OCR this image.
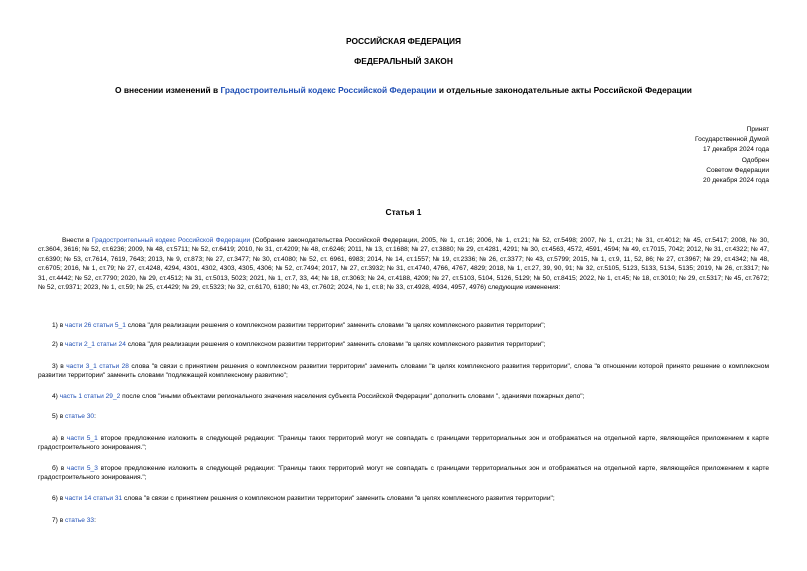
РОССИЙСКАЯ ФЕДЕРАЦИЯ
ФЕДЕРАЛЬНЫЙ ЗАКОН
О внесении изменений в Градостроительный кодекс Российской Федерации и отдельные законодательные акты Российской Федерации
Принят
Государственной Думой
17 декабря 2024 года
Одобрен
Советом Федерации
20 декабря 2024 года
Статья 1
Внести в Градостроительный кодекс Российской Федерации (Собрание законодательства Российской Федерации, 2005, № 1, ст.16; 2006, № 1, ст.21; № 52, ст.5498; 2007, № 1, ст.21; № 31, ст.4012; № 45, ст.5417; 2008, № 30, ст.3604, 3616; № 52, ст.6236; 2009, № 48, ст.5711; № 52, ст.6419; 2010, № 31, ст.4209; № 48, ст.6246; 2011, № 13, ст.1688; № 27, ст.3880; № 29, ст.4281, 4291; № 30, ст.4563, 4572, 4591, 4594; № 49, ст.7015, 7042; 2012, № 31, ст.4322; № 47, ст.6390; № 53, ст.7614, 7619, 7643; 2013, № 9, ст.873; № 27, ст.3477; № 30, ст.4080; № 52, ст. 6961, 6983; 2014, № 14, ст.1557; № 19, ст.2336; № 26, ст.3377; № 43, ст.5799; 2015, № 1, ст.9, 11, 52, 86; № 27, ст.3967; № 29, ст.4342; № 48, ст.6705; 2016, № 1, ст.79; № 27, ст.4248, 4294, 4301, 4302, 4303, 4305, 4306; № 52, ст.7494; 2017, № 27, ст.3932; № 31, ст.4740, 4766, 4767, 4829; 2018, № 1, ст.27, 39, 90, 91; № 32, ст.5105, 5123, 5133, 5134, 5135; 2019, № 26, ст.3317; № 31, ст.4442; № 52, ст.7790; 2020, № 29, ст.4512; № 31, ст.5013, 5023; 2021, № 1, ст.7, 33, 44; № 18, ст.3063; № 24, ст.4188, 4209; № 27, ст.5103, 5104, 5126, 5129; № 50, ст.8415; 2022, № 1, ст.45; № 18, ст.3010; № 29, ст.5317; № 45, ст.7672; № 52, ст.9371; 2023, № 1, ст.59; № 25, ст.4429; № 29, ст.5323; № 32, ст.6170, 6180; № 43, ст.7602; 2024, № 1, ст.8; № 33, ст.4928, 4934, 4957, 4976) следующие изменения:
1) в части 26 статьи 5_1 слова "для реализации решения о комплексном развитии территории" заменить словами "в целях комплексного развития территории";
2) в части 2_1 статьи 24 слова "для реализации решения о комплексном развитии территории" заменить словами "в целях комплексного развития территории";
3) в части 3_1 статьи 28 слова "в связи с принятием решения о комплексном развитии территории" заменить словами "в целях комплексного развития территории", слова "в отношении которой принято решение о комплексном развитии территории" заменить словами "подлежащей комплексному развитию";
4) часть 1 статьи 29_2 после слов "иными объектами регионального значения населения субъекта Российской Федерации" дополнить словами ", зданиями пожарных депо";
5) в статье 30:
а) в части 5_1 второе предложение изложить в следующей редакции: "Границы таких территорий могут не совпадать с границами территориальных зон и отображаться на отдельной карте, являющейся приложением к карте градостроительного зонирования.";
б) в части 5_3 второе предложение изложить в следующей редакции: "Границы таких территорий могут не совпадать с границами территориальных зон и отображаться на отдельной карте, являющейся приложением к карте градостроительного зонирования.";
6) в части 14 статьи 31 слова "в связи с принятием решения о комплексном развитии территории" заменить словами "в целях комплексного развития территории";
7) в статье 33:
